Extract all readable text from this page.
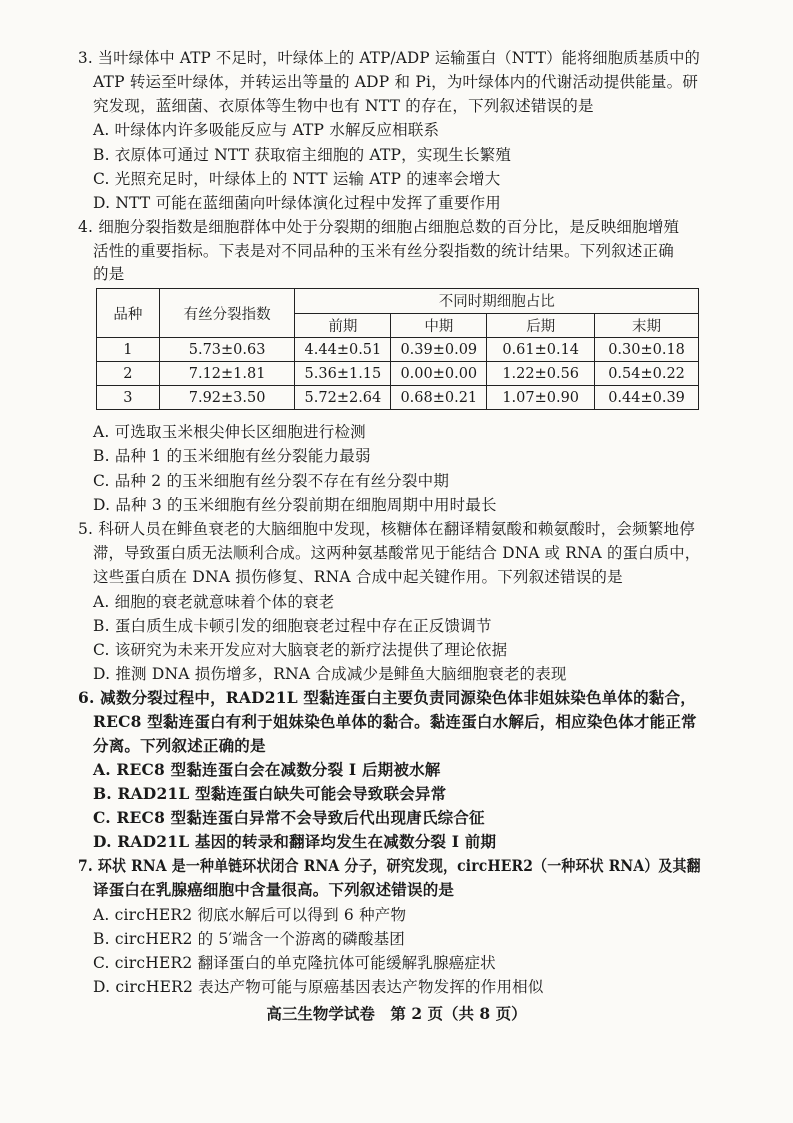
3. 当叶绿体中 ATP 不足时，叶绿体上的 ATP/ADP 运输蛋白（NTT）能将细胞质基质中的
ATP 转运至叶绿体，并转运出等量的 ADP 和 Pi，为叶绿体内的代谢活动提供能量。研
究发现，蓝细菌、衣原体等生物中也有 NTT 的存在，下列叙述错误的是
A. 叶绿体内许多吸能反应与 ATP 水解反应相联系
B. 衣原体可通过 NTT 获取宿主细胞的 ATP，实现生长繁殖
C. 光照充足时，叶绿体上的 NTT 运输 ATP 的速率会增大
D. NTT 可能在蓝细菌向叶绿体演化过程中发挥了重要作用
4. 细胞分裂指数是细胞群体中处于分裂期的细胞占细胞总数的百分比，是反映细胞增殖
活性的重要指标。下表是对不同品种的玉米有丝分裂指数的统计结果。下列叙述正确
的是
品种	有丝分裂指数	不同时期细胞占比			
		前期	中期	后期	末期
1	5.73±0.63	4.44±0.51	0.39±0.09	0.61±0.14	0.30±0.18
2	7.12±1.81	5.36±1.15	0.00±0.00	1.22±0.56	0.54±0.22
3	7.92±3.50	5.72±2.64	0.68±0.21	1.07±0.90	0.44±0.39
A. 可选取玉米根尖伸长区细胞进行检测
B. 品种 1 的玉米细胞有丝分裂能力最弱
C. 品种 2 的玉米细胞有丝分裂不存在有丝分裂中期
D. 品种 3 的玉米细胞有丝分裂前期在细胞周期中用时最长
5. 科研人员在鲱鱼衰老的大脑细胞中发现，核糖体在翻译精氨酸和赖氨酸时，会频繁地停
滞，导致蛋白质无法顺利合成。这两种氨基酸常见于能结合 DNA 或 RNA 的蛋白质中，
这些蛋白质在 DNA 损伤修复、RNA 合成中起关键作用。下列叙述错误的是
A. 细胞的衰老就意味着个体的衰老
B. 蛋白质生成卡顿引发的细胞衰老过程中存在正反馈调节
C. 该研究为未来开发应对大脑衰老的新疗法提供了理论依据
D. 推测 DNA 损伤增多，RNA 合成减少是鲱鱼大脑细胞衰老的表现
6. 减数分裂过程中，RAD21L 型黏连蛋白主要负责同源染色体非姐妹染色单体的黏合，
REC8 型黏连蛋白有利于姐妹染色单体的黏合。黏连蛋白水解后，相应染色体才能正常
分离。下列叙述正确的是
A. REC8 型黏连蛋白会在减数分裂 I 后期被水解
B. RAD21L 型黏连蛋白缺失可能会导致联会异常
C. REC8 型黏连蛋白异常不会导致后代出现唐氏综合征
D. RAD21L 基因的转录和翻译均发生在减数分裂 I 前期
7. 环状 RNA 是一种单链环状闭合 RNA 分子，研究发现，circHER2（一种环状 RNA）及其翻
译蛋白在乳腺癌细胞中含量很高。下列叙述错误的是
A. circHER2 彻底水解后可以得到 6 种产物
B. circHER2 的 5′端含一个游离的磷酸基团
C. circHER2 翻译蛋白的单克隆抗体可能缓解乳腺癌症状
D. circHER2 表达产物可能与原癌基因表达产物发挥的作用相似
高三生物学试卷　第 2 页（共 8 页）
